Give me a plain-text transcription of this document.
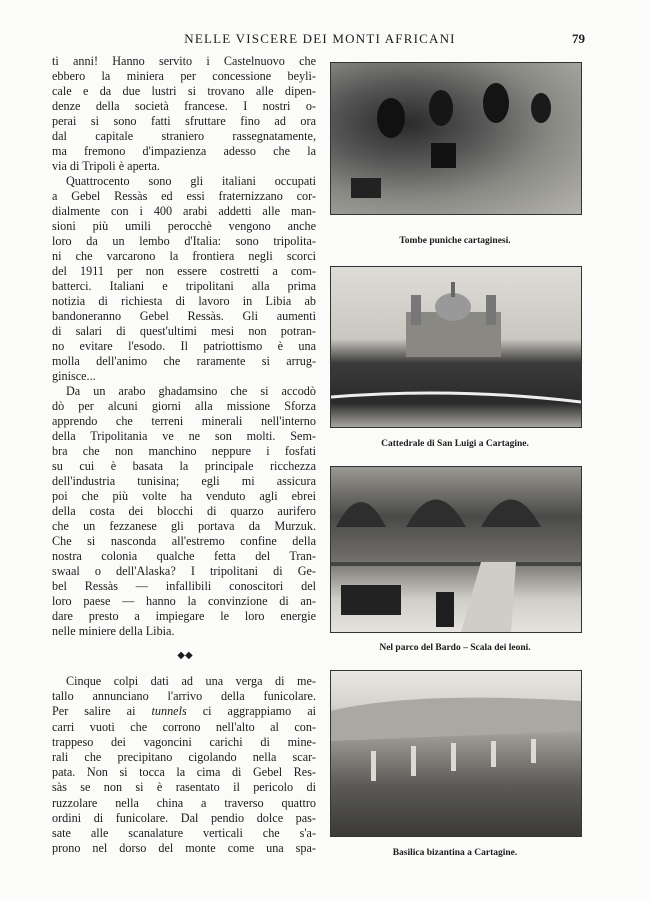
NELLE VISCERE DEI MONTI AFRICANI	79
ti anni! Hanno servito i Castelnuovo che
ebbero la miniera per concessione beyli-
cale e da due lustri si trovano alle dipen-
denze della società francese. I nostri o-
perai si sono fatti sfruttare fino ad ora
dal capitale straniero rassegnatamente,
ma fremono d'impazienza adesso che la
via di Tripoli è aperta.
Quattrocento sono gli italiani occupati
a Gebel Ressàs ed essi fraternizzano cor-
dialmente con i 400 arabi addetti alle man-
sioni più umili perocchè vengono anche
loro da un lembo d'Italia: sono tripolita-
ni che varcarono la frontiera negli scorci
del 1911 per non essere costretti a com-
batterci. Italiani e tripolitani alla prima
notizia di richiesta di lavoro in Libia ab
bandoneranno Gebel Ressàs. Gli aumenti
di salari di quest'ultimi mesi non potran-
no evitare l'esodo. Il patriottismo è una
molla dell'animo che raramente si arrug-
ginisce...
Da un arabo ghadamsino che si accodò
dò per alcuni giorni alla missione Sforza
apprendo che terreni minerali nell'interno
della Tripolitania ve ne son molti. Sem-
bra che non manchino neppure i fosfati
su cui è basata la principale ricchezza
dell'industria tunisina; egli mi assicura
poi che più volte ha venduto agli ebrei
della costa dei blocchi di quarzo aurifero
che un fezzanese gli portava da Murzuk.
Che si nasconda all'estremo confine della
nostra colonia qualche fetta del Tran-
swaal o dell'Alaska? I tripolitani di Ge-
bel Ressàs — infallibili conoscitori del
loro paese — hanno la convinzione di an-
dare presto a impiegare le loro energie
nelle miniere della Libia.
◆◆
Cinque colpi dati ad una verga di me-
tallo annunciano l'arrivo della funicolare.
Per salire ai tunnels ci aggrappiamo ai
carri vuoti che corrono nell'alto al con-
trappeso dei vagoncini carichi di mine-
rali che precipitano cigolando nella scar-
pata. Non si tocca la cima di Gebel Res-
sàs se non si è rasentato il pericolo di
ruzzolare nella china a traverso quattro
ordini di funicolare. Dal pendio dolce pas-
sate alle scanalature verticali che s'a-
prono nel dorso del monte come una spa-
Tombe puniche cartaginesi.
Cattedrale di San Luigi a Cartagine.
Nel parco del Bardo – Scala dei leoni.
Basilica bizantina a Cartagine.
